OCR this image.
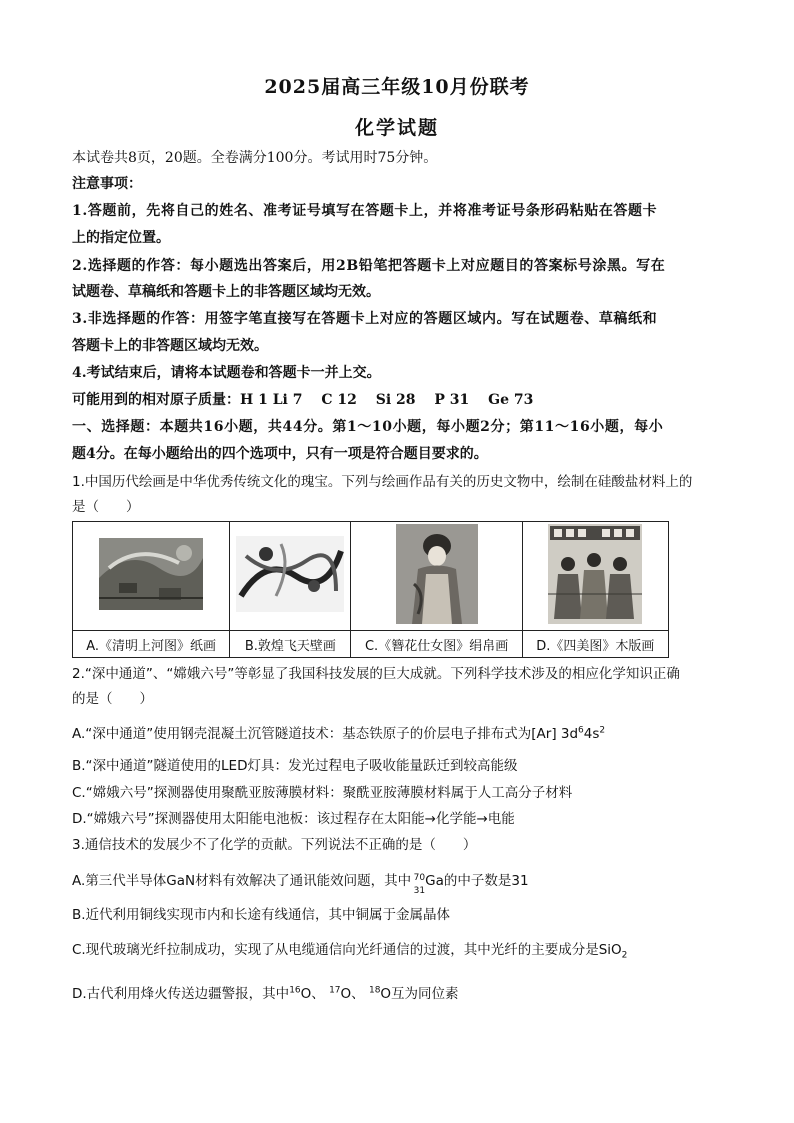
2025届高三年级10月份联考
化学试题
本试卷共8页，20题。全卷满分100分。考试用时75分钟。
注意事项：
1.答题前，先将自己的姓名、准考证号填写在答题卡上，并将准考证号条形码粘贴在答题卡
上的指定位置。
2.选择题的作答：每小题选出答案后，用2B铅笔把答题卡上对应题目的答案标号涂黑。写在
试题卷、草稿纸和答题卡上的非答题区域均无效。
3.非选择题的作答：用签字笔直接写在答题卡上对应的答题区域内。写在试题卷、草稿纸和
答题卡上的非答题区域均无效。
4.考试结束后，请将本试题卷和答题卡一并上交。
可能用到的相对原子质量：H 1 Li 7　 C 12　 Si 28　 P 31　 Ge 73
一、选择题：本题共16小题，共44分。第1～10小题，每小题2分；第11～16小题，每小
题4分。在每小题给出的四个选项中，只有一项是符合题目要求的。
1.中国历代绘画是中华优秀传统文化的瑰宝。下列与绘画作品有关的历史文物中，绘制在硅酸盐材料上的
是（　　）

A.《清明上河图》纸画	B.敦煌飞天壁画	C.《簪花仕女图》绢帛画	D.《四美图》木版画
2.“深中通道”、“嫦娥六号”等彰显了我国科技发展的巨大成就。下列科学技术涉及的相应化学知识正确
的是（　　）
A.“深中通道”使用钢壳混凝土沉管隧道技术：基态铁原子的价层电子排布式为[Ar] $3d^64s^2$
B.“深中通道”隧道使用的LED灯具：发光过程电子吸收能量跃迁到较高能级
C.“嫦娥六号”探测器使用聚酰亚胺薄膜材料：聚酰亚胺薄膜材料属于人工高分子材料
D.“嫦娥六号”探测器使用太阳能电池板：该过程存在太阳能→化学能→电能
3.通信技术的发展少不了化学的贡献。下列说法不正确的是（　　）
A.第三代半导体GaN材料有效解决了通讯能效问题，其中 70
31
Ga的中子数是31
B.近代利用铜线实现市内和长途有线通信，其中铜属于金属晶体
C.现代玻璃光纤拉制成功，实现了从电缆通信向光纤通信的过渡，其中光纤的主要成分是SiO$_2$
D.古代利用烽火传送边疆警报，其中$^{16}$O、 $^{17}$O、 $^{18}$O互为同位素
